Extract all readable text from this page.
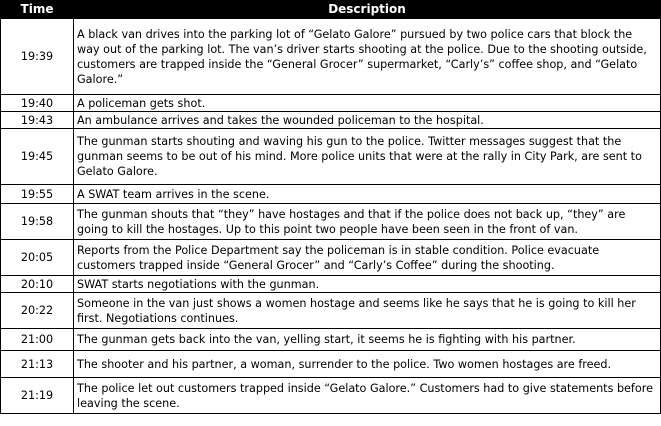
Time	Description
19:39	A black van drives into the parking lot of “Gelato Galore” pursued by two police cars that block the way out of the parking lot. The van’s driver starts shooting at the police. Due to the shooting outside, customers are trapped inside the “General Grocer” supermarket, “Carly’s” coffee shop, and “Gelato Galore.”
19:40	A policeman gets shot.
19:43	An ambulance arrives and takes the wounded policeman to the hospital.
19:45	The gunman starts shouting and waving his gun to the police. Twitter messages suggest that the gunman seems to be out of his mind. More police units that were at the rally in City Park, are sent to Gelato Galore.
19:55	A SWAT team arrives in the scene.
19:58	The gunman shouts that “they” have hostages and that if the police does not back up, “they” are going to kill the hostages. Up to this point two people have been seen in the front of van.
20:05	Reports from the Police Department say the policeman is in stable condition. Police evacuate customers trapped inside “General Grocer” and “Carly’s Coffee” during the shooting.
20:10	SWAT starts negotiations with the gunman.
20:22	Someone in the van just shows a women hostage and seems like he says that he is going to kill her first. Negotiations continues.
21:00	The gunman gets back into the van, yelling start, it seems he is fighting with his partner.
21:13	The shooter and his partner, a woman, surrender to the police. Two women hostages are freed.
21:19	The police let out customers trapped inside “Gelato Galore.” Customers had to give statements before leaving the scene.
